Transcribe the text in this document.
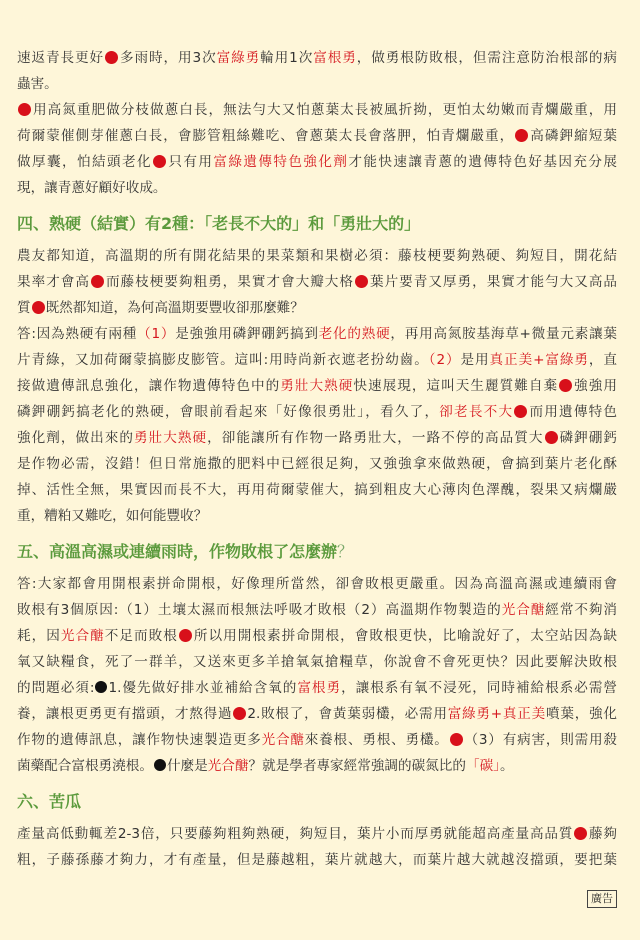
速返青長更好 多雨時，用3次富綠勇輪用1次富根勇，做勇根防敗根，但需注意防治根部的病
蟲害。
用高氮重肥做分枝做蔥白長，無法勻大又怕蔥葉太長被風折拗，更怕太幼嫩而青爛嚴重，用
荷爾蒙催側芽催蔥白長，會膨管粗絲難吃、會蔥葉太長會落胛，怕青爛嚴重， 高磷鉀縮短葉
做厚囊，怕結頭老化 只有用富綠遺傳特色強化劑才能快速讓青蔥的遺傳特色好基因充分展
現，讓青蔥好顧好收成。
四、熟硬（結實）有2種：「老長不大的」和「勇壯大的」
農友都知道，高溫期的所有開花結果的果菜類和果樹必須：藤枝梗要夠熟硬、夠短目，開花結
果率才會高 而藤枝梗要夠粗勇，果實才會大瓣大格 葉片要青又厚勇，果實才能勻大又高品
質 既然都知道，為何高溫期要豐收卻那麼難？
答:因為熟硬有兩種（1）是強強用磷鉀硼鈣搞到老化的熟硬，再用高氮胺基海草+微量元素讓葉
片青綠，又加荷爾蒙搞膨皮膨管。這叫:用時尚新衣遮老扮幼齒。（2）是用真正美+富綠勇，直
接做遺傳訊息強化，讓作物遺傳特色中的勇壯大熟硬快速展現，這叫天生麗質難自棄 強強用
磷鉀硼鈣搞老化的熟硬，會眼前看起來「好像很勇壯」，看久了，卻老長不大 而用遺傳特色
強化劑，做出來的勇壯大熟硬，卻能讓所有作物一路勇壯大，一路不停的高品質大 磷鉀硼鈣
是作物必需，沒錯！但日常施撒的肥料中已經很足夠，又強強拿來做熟硬，會搞到葉片老化酥
掉、活性全無，果實因而長不大，再用荷爾蒙催大，搞到粗皮大心薄肉色澤醜，裂果又病爛嚴
重，糟粕又難吃，如何能豐收？
五、高溫高濕或連續雨時，作物敗根了怎麼辦？
答:大家都會用開根素拼命開根，好像理所當然，卻會敗根更嚴重。因為高溫高濕或連續雨會
敗根有3個原因:（1）土壤太濕而根無法呼吸才敗根（2）高溫期作物製造的光合醣經常不夠消
耗，因光合醣不足而敗根 所以用開根素拼命開根，會敗根更快，比喻說好了，太空站因為缺
氧又缺糧食，死了一群羊，又送來更多羊搶氧氣搶糧草，你說會不會死更快？因此要解決敗根
的問題必須: 1.優先做好排水並補給含氧的富根勇，讓根系有氧不浸死，同時補給根系必需營
養，讓根更勇更有擋頭，才熬得過 2.敗根了，會黃葉弱欉，必需用富綠勇+真正美噴葉，強化
作物的遺傳訊息，讓作物快速製造更多光合醣來養根、勇根、勇欉。 （3）有病害，則需用殺
菌藥配合富根勇澆根。 什麼是光合醣？就是學者專家經常強調的碳氮比的「碳」。
六、苦瓜
產量高低動輒差2-3倍，只要藤夠粗夠熟硬，夠短目，葉片小而厚勇就能超高產量高品質 藤夠
粗，子藤孫藤才夠力，才有產量，但是藤越粗，葉片就越大，而葉片越大就越沒擋頭，要把葉
廣告
